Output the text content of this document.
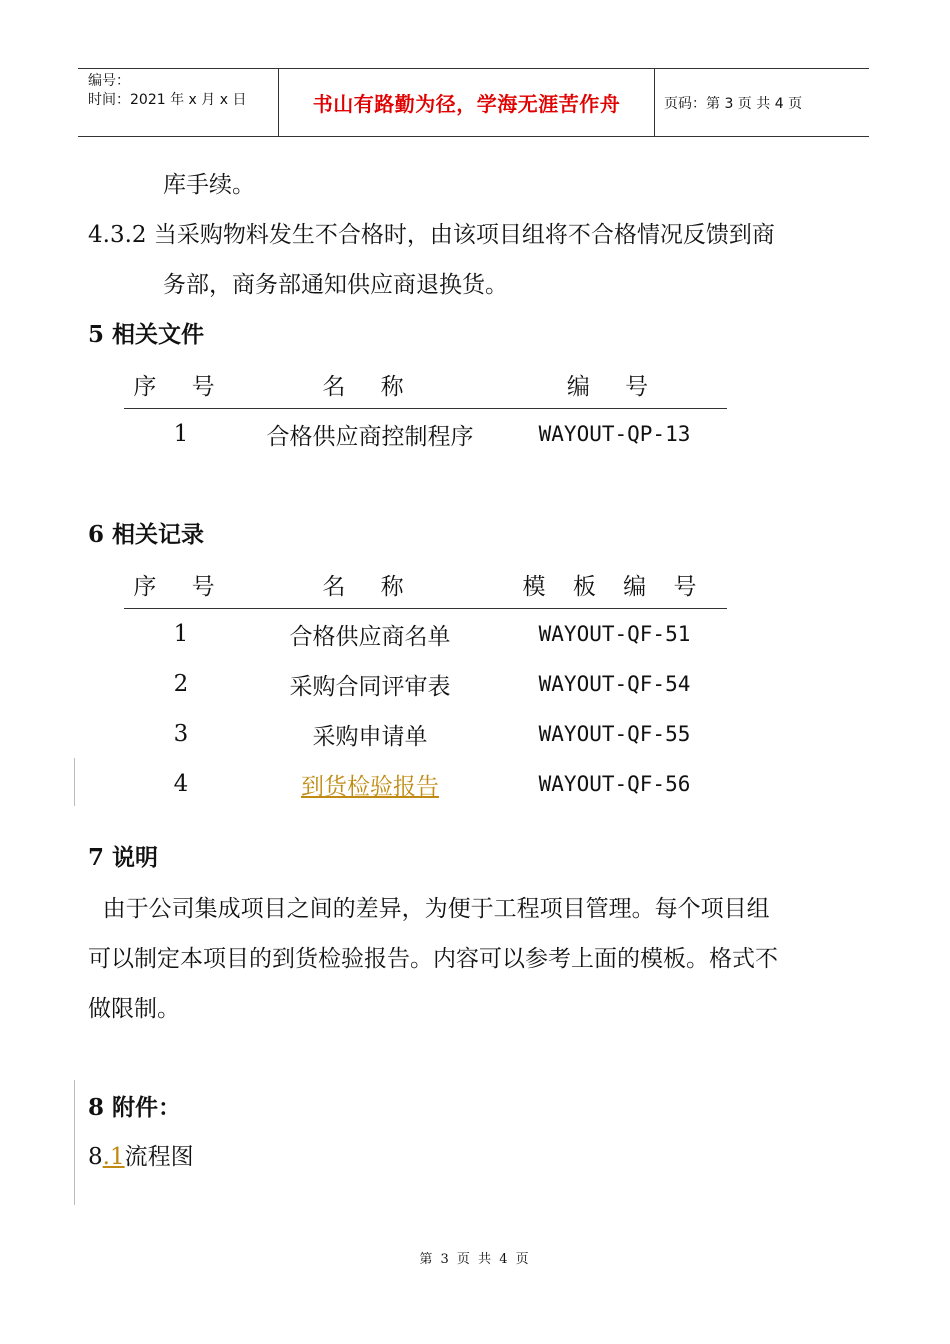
编号：
时间：2021 年 x 月 x 日	书山有路勤为径，学海无涯苦作舟	页码：第 3 页 共 4 页
库手续。
4.3.2 当采购物料发生不合格时，由该项目组将不合格情况反馈到商
务部，商务部通知供应商退换货。
5 相关文件
序 号	名 称	编 号
1	合格供应商控制程序	WAYOUT-QP-13
6 相关记录
序 号	名 称	模 板 编 号
1	合格供应商名单	WAYOUT-QF-51
2	采购合同评审表	WAYOUT-QF-54
3	采购申请单	WAYOUT-QF-55
4	到货检验报告	WAYOUT-QF-56
7 说明
由于公司集成项目之间的差异，为便于工程项目管理。每个项目组
可以制定本项目的到货检验报告。内容可以参考上面的模板。格式不
做限制。
8 附件：
8.1流程图
第 3 页 共 4 页
